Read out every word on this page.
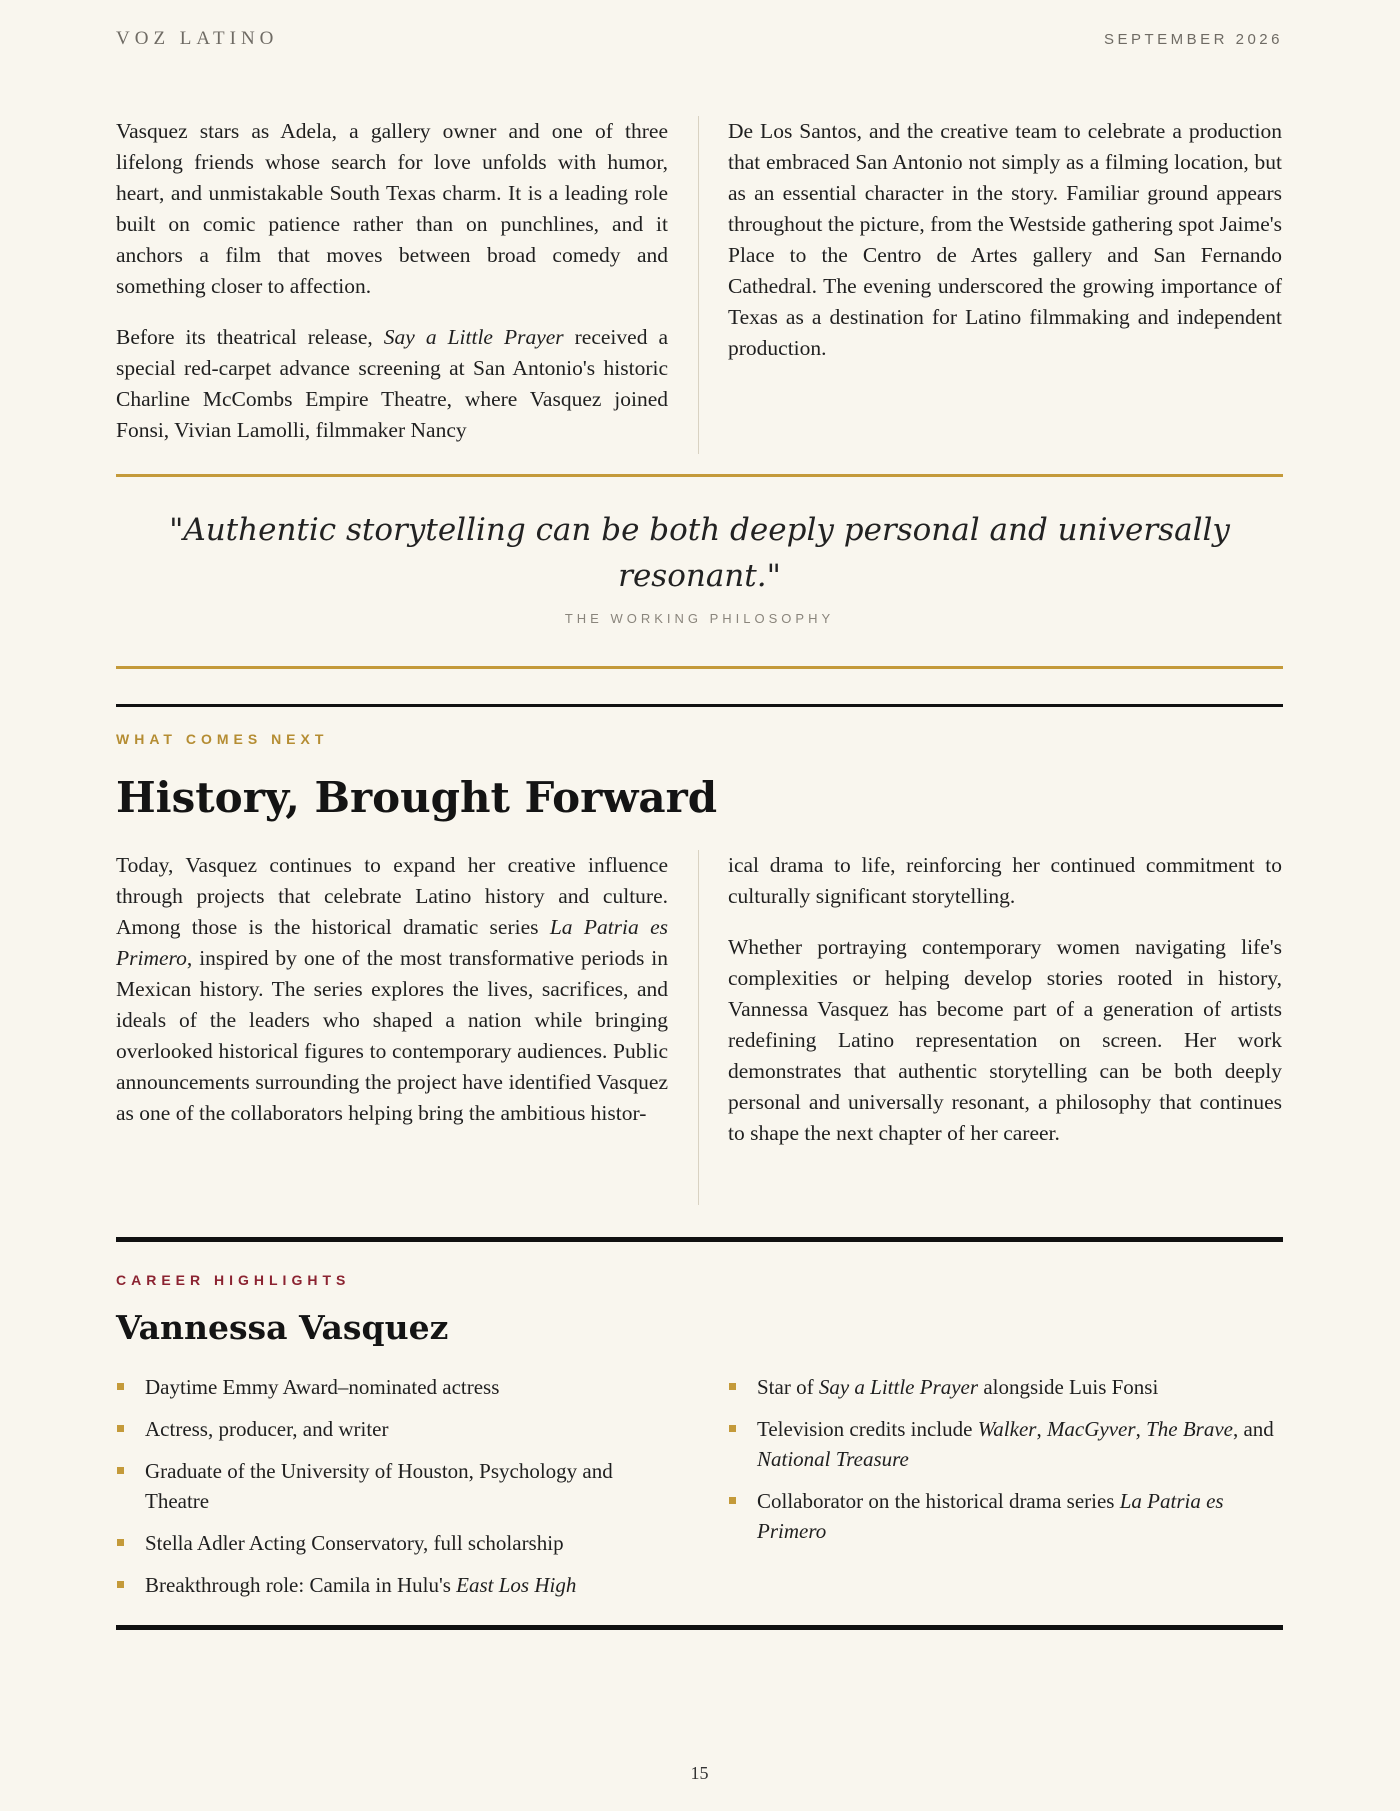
VOZ LATINO	SEPTEMBER 2026

Vasquez stars as Adela, a gallery owner and one of three lifelong friends whose search for love unfolds with humor, heart, and unmistakable South Texas charm. It is a leading role built on comic patience rather than on punchlines, and it anchors a film that moves between broad comedy and something closer to affection.

Before its theatrical release, Say a Little Prayer received a special red-carpet advance screening at San Antonio's historic Charline McCombs Empire Theatre, where Vasquez joined Fonsi, Vivian Lamolli, filmmaker Nancy

De Los Santos, and the creative team to celebrate a production that embraced San Antonio not simply as a filming location, but as an essential character in the story. Familiar ground appears throughout the picture, from the Westside gathering spot Jaime's Place to the Centro de Artes gallery and San Fernando Cathedral. The evening underscored the growing importance of Texas as a destination for Latino filmmaking and independent production.

"Authentic storytelling can be both deeply personal and universally resonant."

THE WORKING PHILOSOPHY
WHAT COMES NEXT
History, Brought Forward

Today, Vasquez continues to expand her creative influence through projects that celebrate Latino history and culture. Among those is the historical dramatic series La Patria es Primero, inspired by one of the most transformative periods in Mexican history. The series explores the lives, sacrifices, and ideals of the leaders who shaped a nation while bringing overlooked historical figures to contemporary audiences. Public announcements surrounding the project have identified Vasquez as one of the collaborators helping bring the ambitious histor-

ical drama to life, reinforcing her continued commitment to culturally significant storytelling.

Whether portraying contemporary women navigating life's complexities or helping develop stories rooted in history, Vannessa Vasquez has become part of a generation of artists redefining Latino representation on screen. Her work demonstrates that authentic storytelling can be both deeply personal and universally resonant, a philosophy that continues to shape the next chapter of her career.

CAREER HIGHLIGHTS
Vannessa Vasquez
Daytime Emmy Award–nominated actress
Actress, producer, and writer
Graduate of the University of Houston, Psychology and Theatre
Stella Adler Acting Conservatory, full scholarship
Breakthrough role: Camila in Hulu's East Los High
Star of Say a Little Prayer alongside Luis Fonsi
Television credits include Walker, MacGyver, The Brave, and National Treasure
Collaborator on the historical drama series La Patria es Primero
15
